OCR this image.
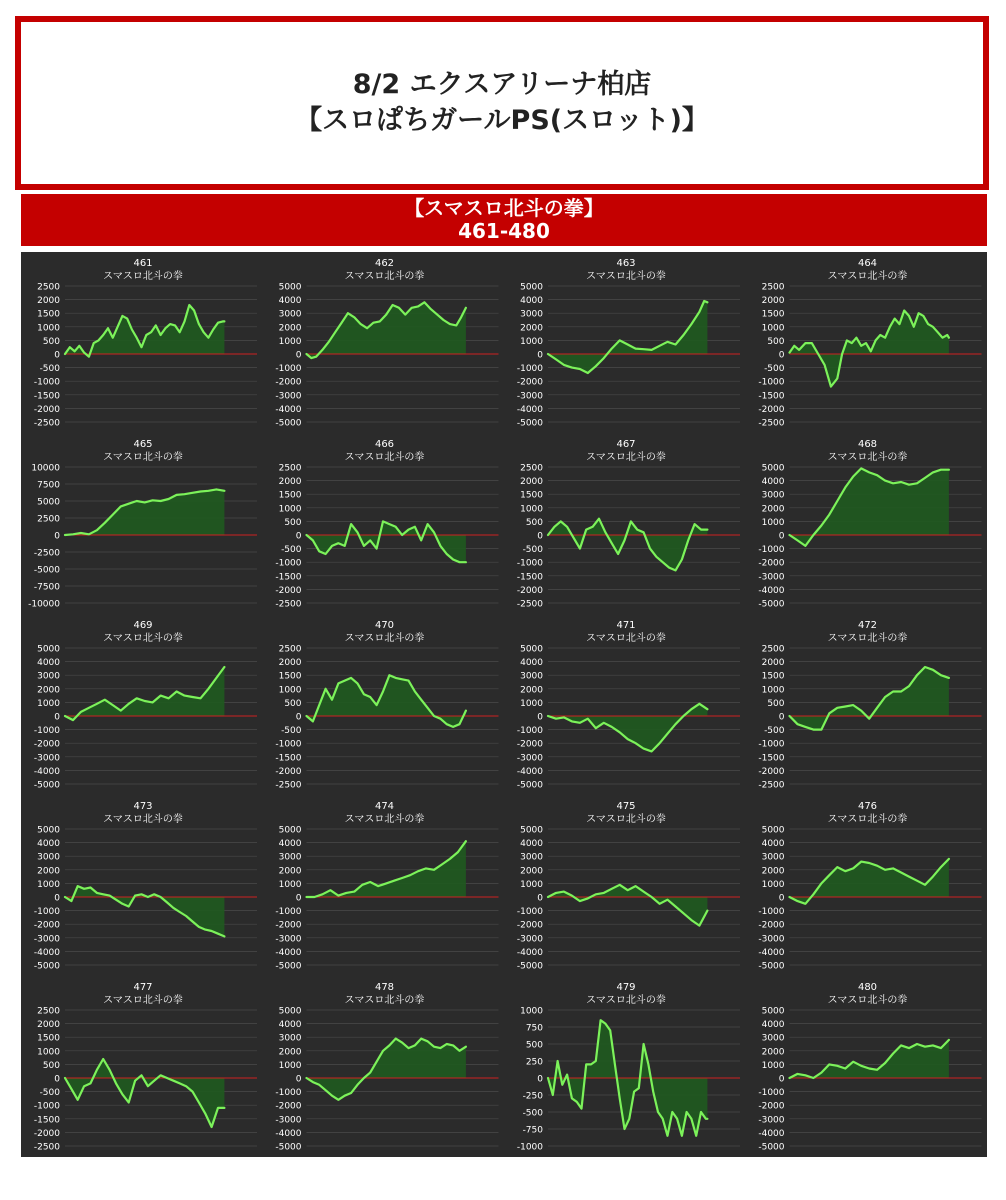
8/2 エクスアリーナ柏店
【スロぱちガールPS(スロット)】
【スマスロ北斗の拳】
461-480
461
スマスロ北斗の拳
2500
2000
1500
1000
500
0
-500
-1000
-1500
-2000
-2500
462
スマスロ北斗の拳
5000
4000
3000
2000
1000
0
-1000
-2000
-3000
-4000
-5000
463
スマスロ北斗の拳
5000
4000
3000
2000
1000
0
-1000
-2000
-3000
-4000
-5000
464
スマスロ北斗の拳
2500
2000
1500
1000
500
0
-500
-1000
-1500
-2000
-2500
465
スマスロ北斗の拳
10000
7500
5000
2500
0
-2500
-5000
-7500
-10000
466
スマスロ北斗の拳
2500
2000
1500
1000
500
0
-500
-1000
-1500
-2000
-2500
467
スマスロ北斗の拳
2500
2000
1500
1000
500
0
-500
-1000
-1500
-2000
-2500
468
スマスロ北斗の拳
5000
4000
3000
2000
1000
0
-1000
-2000
-3000
-4000
-5000
469
スマスロ北斗の拳
5000
4000
3000
2000
1000
0
-1000
-2000
-3000
-4000
-5000
470
スマスロ北斗の拳
2500
2000
1500
1000
500
0
-500
-1000
-1500
-2000
-2500
471
スマスロ北斗の拳
5000
4000
3000
2000
1000
0
-1000
-2000
-3000
-4000
-5000
472
スマスロ北斗の拳
2500
2000
1500
1000
500
0
-500
-1000
-1500
-2000
-2500
473
スマスロ北斗の拳
5000
4000
3000
2000
1000
0
-1000
-2000
-3000
-4000
-5000
474
スマスロ北斗の拳
5000
4000
3000
2000
1000
0
-1000
-2000
-3000
-4000
-5000
475
スマスロ北斗の拳
5000
4000
3000
2000
1000
0
-1000
-2000
-3000
-4000
-5000
476
スマスロ北斗の拳
5000
4000
3000
2000
1000
0
-1000
-2000
-3000
-4000
-5000
477
スマスロ北斗の拳
2500
2000
1500
1000
500
0
-500
-1000
-1500
-2000
-2500
478
スマスロ北斗の拳
5000
4000
3000
2000
1000
0
-1000
-2000
-3000
-4000
-5000
479
スマスロ北斗の拳
1000
750
500
250
0
-250
-500
-750
-1000
480
スマスロ北斗の拳
5000
4000
3000
2000
1000
0
-1000
-2000
-3000
-4000
-5000
